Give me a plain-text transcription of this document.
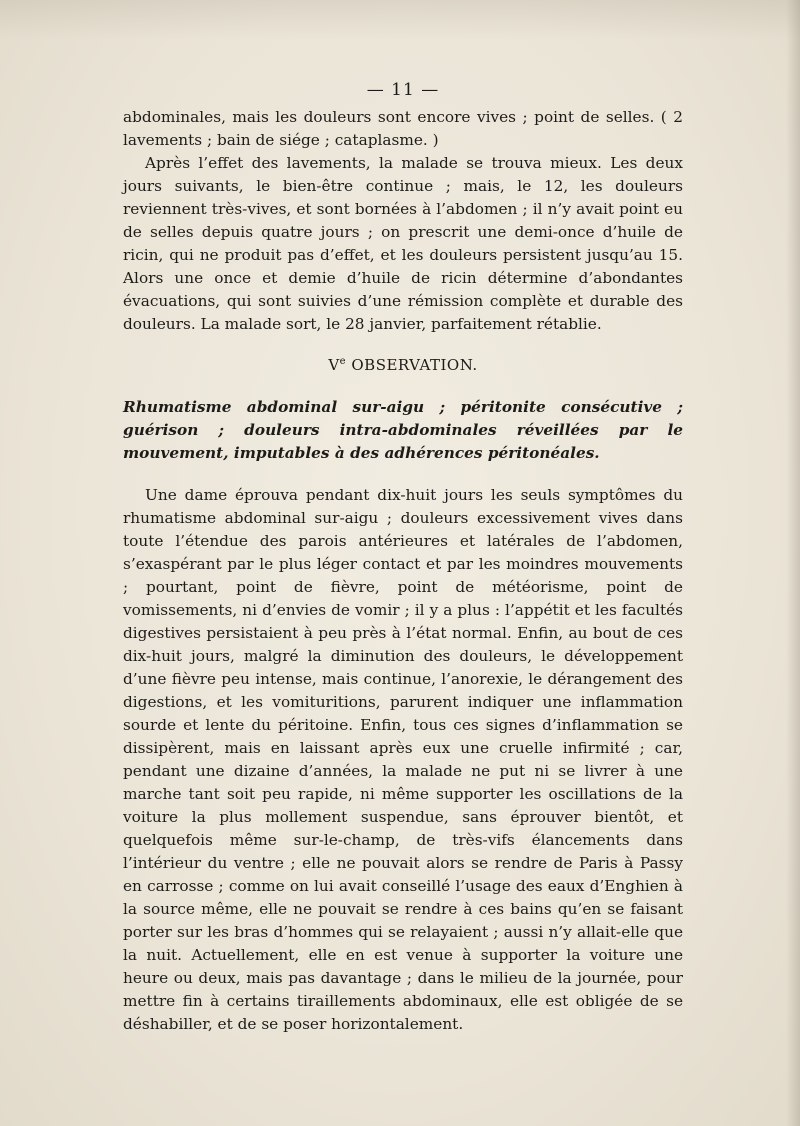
— 11 —

abdominales, mais les douleurs sont encore vives ; point de selles. ( 2 lavements ; bain de siége ; cataplasme. )

Après l’effet des lavements, la malade se trouva mieux. Les deux jours suivants, le bien-être continue ; mais, le 12, les douleurs reviennent très-vives, et sont bornées à l’abdomen ; il n’y avait point eu de selles depuis quatre jours ; on prescrit une demi-once d’huile de ricin, qui ne produit pas d’effet, et les douleurs persistent jusqu’au 15. Alors une once et demie d’huile de ricin détermine d’abondantes évacuations, qui sont suivies d’une rémission complète et durable des douleurs. La malade sort, le 28 janvier, parfaitement rétablie.

Ve OBSERVATION.

Rhumatisme abdominal sur-aigu ; péritonite consécutive ; guérison ; douleurs intra-abdominales réveillées par le mouvement, imputables à des adhérences péritonéales.

Une dame éprouva pendant dix-huit jours les seuls symptômes du rhumatisme abdominal sur-aigu ; douleurs excessivement vives dans toute l’étendue des parois antérieures et latérales de l’abdomen, s’exaspérant par le plus léger contact et par les moindres mouvements ; pourtant, point de fièvre, point de météorisme, point de vomissements, ni d’envies de vomir ; il y a plus : l’appétit et les facultés digestives persistaient à peu près à l’état normal. Enfin, au bout de ces dix-huit jours, malgré la diminution des douleurs, le développement d’une fièvre peu intense, mais continue, l’anorexie, le dérangement des digestions, et les vomituritions, parurent indiquer une inflammation sourde et lente du péritoine. Enfin, tous ces signes d’inflammation se dissipèrent, mais en laissant après eux une cruelle infirmité ; car, pendant une dizaine d’années, la malade ne put ni se livrer à une marche tant soit peu rapide, ni même supporter les oscillations de la voiture la plus mollement suspendue, sans éprouver bientôt, et quelquefois même sur-le-champ, de très-vifs élancements dans l’intérieur du ventre ; elle ne pouvait alors se rendre de Paris à Passy en carrosse ; comme on lui avait conseillé l’usage des eaux d’Enghien à la source même, elle ne pouvait se rendre à ces bains qu’en se faisant porter sur les bras d’hommes qui se relayaient ; aussi n’y allait-elle que la nuit. Actuellement, elle en est venue à supporter la voiture une heure ou deux, mais pas davantage ; dans le milieu de la journée, pour mettre fin à certains tiraillements abdominaux, elle est obligée de se déshabiller, et de se poser horizontalement.
